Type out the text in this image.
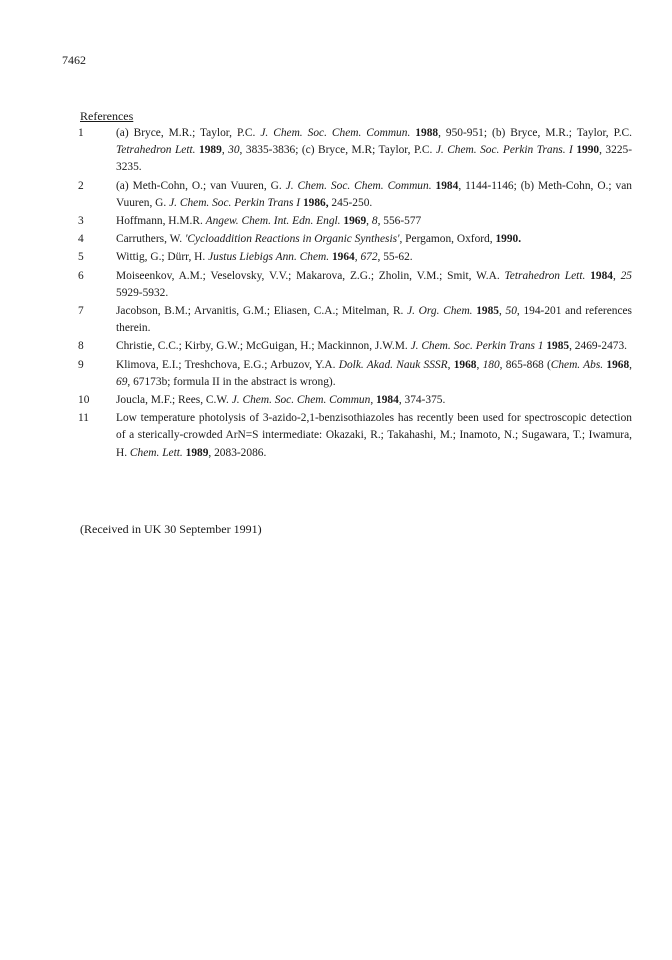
7462
References
1	(a) Bryce, M.R.; Taylor, P.C. J. Chem. Soc. Chem. Commun. 1988, 950-951; (b) Bryce, M.R.; Taylor, P.C. Tetrahedron Lett. 1989, 30, 3835-3836; (c) Bryce, M.R; Taylor, P.C. J. Chem. Soc. Perkin Trans. I 1990, 3225-3235.
2	(a) Meth-Cohn, O.; van Vuuren, G. J. Chem. Soc. Chem. Commun. 1984, 1144-1146; (b) Meth-Cohn, O.; van Vuuren, G. J. Chem. Soc. Perkin Trans I 1986, 245-250.
3	Hoffmann, H.M.R. Angew. Chem. Int. Edn. Engl. 1969, 8, 556-577
4	Carruthers, W. 'Cycloaddition Reactions in Organic Synthesis', Pergamon, Oxford, 1990.
5	Wittig, G.; Dürr, H. Justus Liebigs Ann. Chem. 1964, 672, 55-62.
6	Moiseenkov, A.M.; Veselovsky, V.V.; Makarova, Z.G.; Zholin, V.M.; Smit, W.A. Tetrahedron Lett. 1984, 25 5929-5932.
7	Jacobson, B.M.; Arvanitis, G.M.; Eliasen, C.A.; Mitelman, R. J. Org. Chem. 1985, 50, 194-201 and references therein.
8	Christie, C.C.; Kirby, G.W.; McGuigan, H.; Mackinnon, J.W.M. J. Chem. Soc. Perkin Trans 1 1985, 2469-2473.
9	Klimova, E.I.; Treshchova, E.G.; Arbuzov, Y.A. Dolk. Akad. Nauk SSSR, 1968, 180, 865-868 (Chem. Abs. 1968, 69, 67173b; formula II in the abstract is wrong).
10	Joucla, M.F.; Rees, C.W. J. Chem. Soc. Chem. Commun, 1984, 374-375.
11	Low temperature photolysis of 3-azido-2,1-benzisothiazoles has recently been used for spectroscopic detection of a sterically-crowded ArN=S intermediate: Okazaki, R.; Takahashi, M.; Inamoto, N.; Sugawara, T.; Iwamura, H. Chem. Lett. 1989, 2083-2086.
(Received in UK 30 September 1991)
